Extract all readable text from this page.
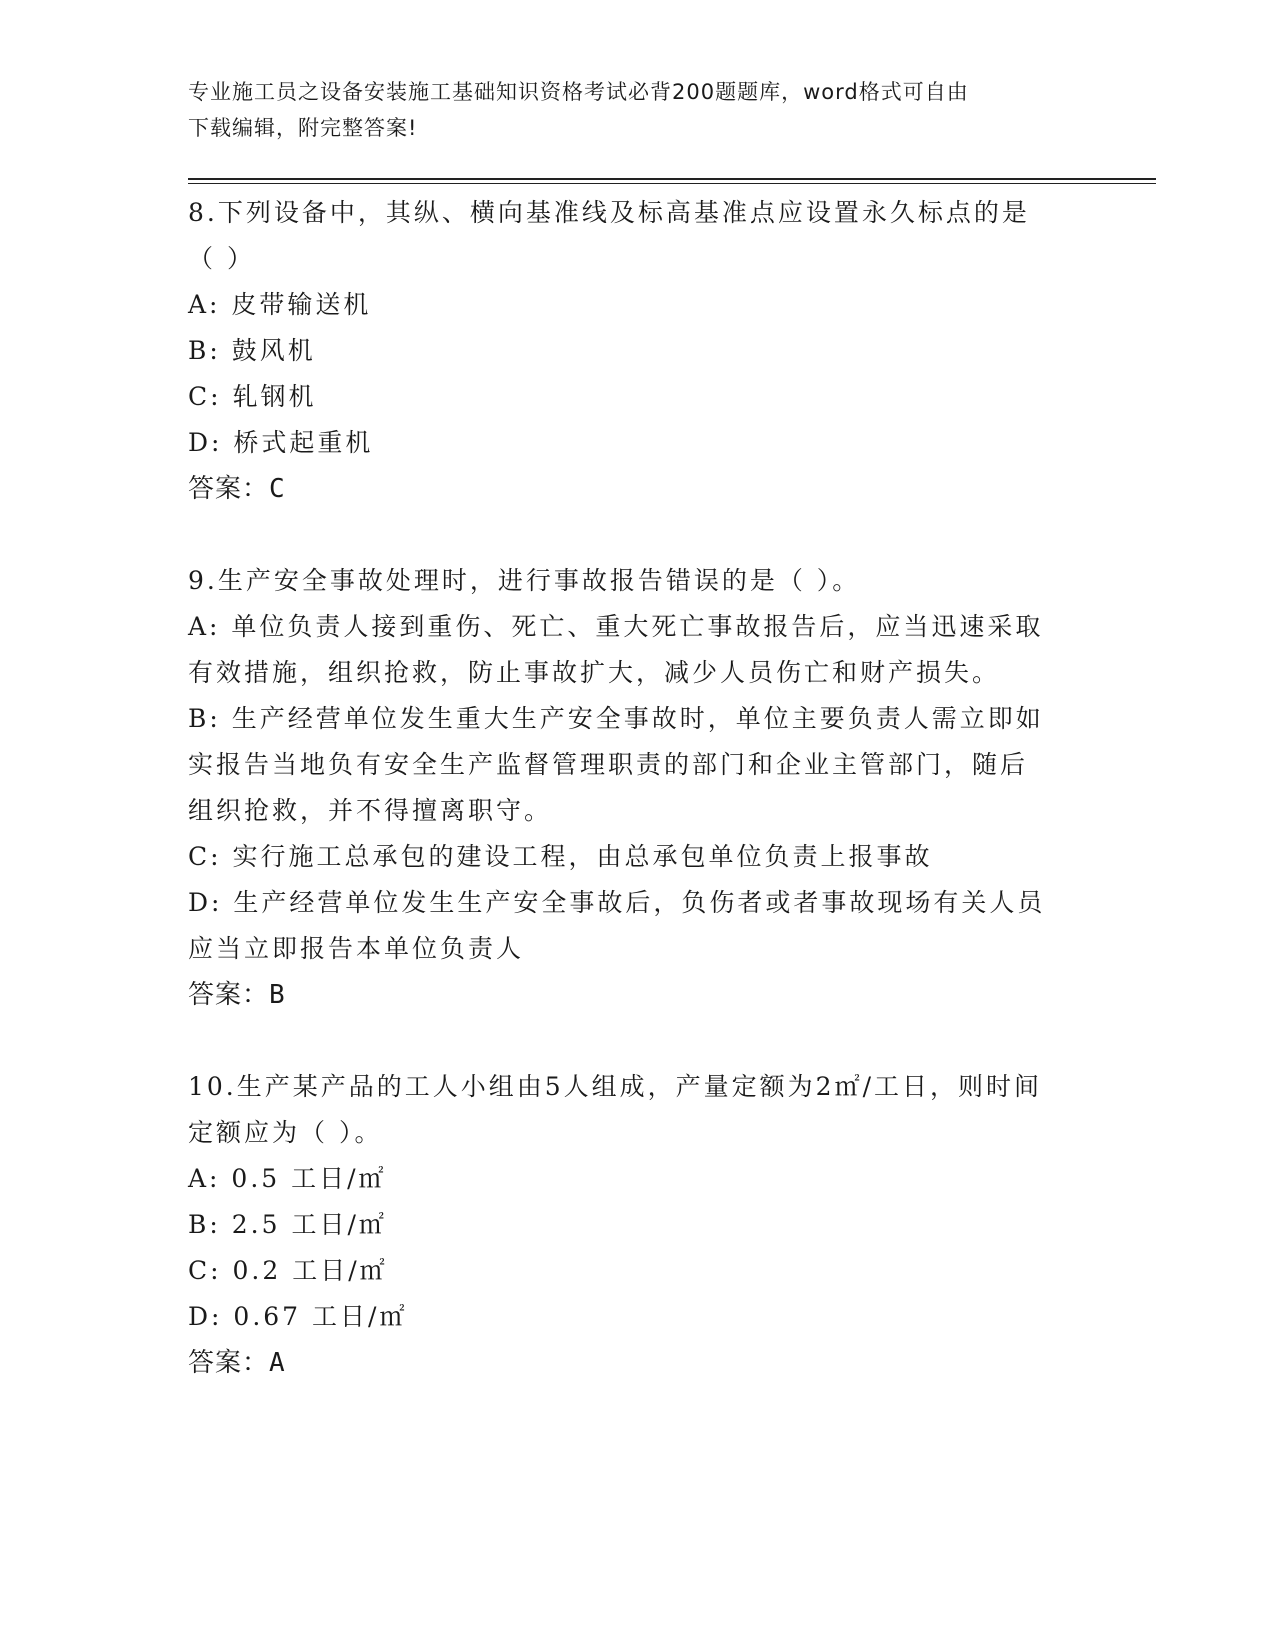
专业施工员之设备安装施工基础知识资格考试必背200题题库，word格式可自由
下载编辑，附完整答案!
8.下列设备中，其纵、横向基准线及标高基准点应设置永久标点的是
（ ）
A: 皮带输送机
B: 鼓风机
C: 轧钢机
D: 桥式起重机
答案：C
9.生产安全事故处理时，进行事故报告错误的是（ ）。
A: 单位负责人接到重伤、死亡、重大死亡事故报告后，应当迅速采取
有效措施，组织抢救，防止事故扩大，减少人员伤亡和财产损失。
B: 生产经营单位发生重大生产安全事故时，单位主要负责人需立即如
实报告当地负有安全生产监督管理职责的部门和企业主管部门，随后
组织抢救，并不得擅离职守。
C: 实行施工总承包的建设工程，由总承包单位负责上报事故
D: 生产经营单位发生生产安全事故后，负伤者或者事故现场有关人员
应当立即报告本单位负责人
答案：B
10.生产某产品的工人小组由5人组成，产量定额为2㎡/工日，则时间
定额应为（ ）。
A: 0.5 工日/㎡
B: 2.5 工日/㎡
C: 0.2 工日/㎡
D: 0.67 工日/㎡
答案：A
